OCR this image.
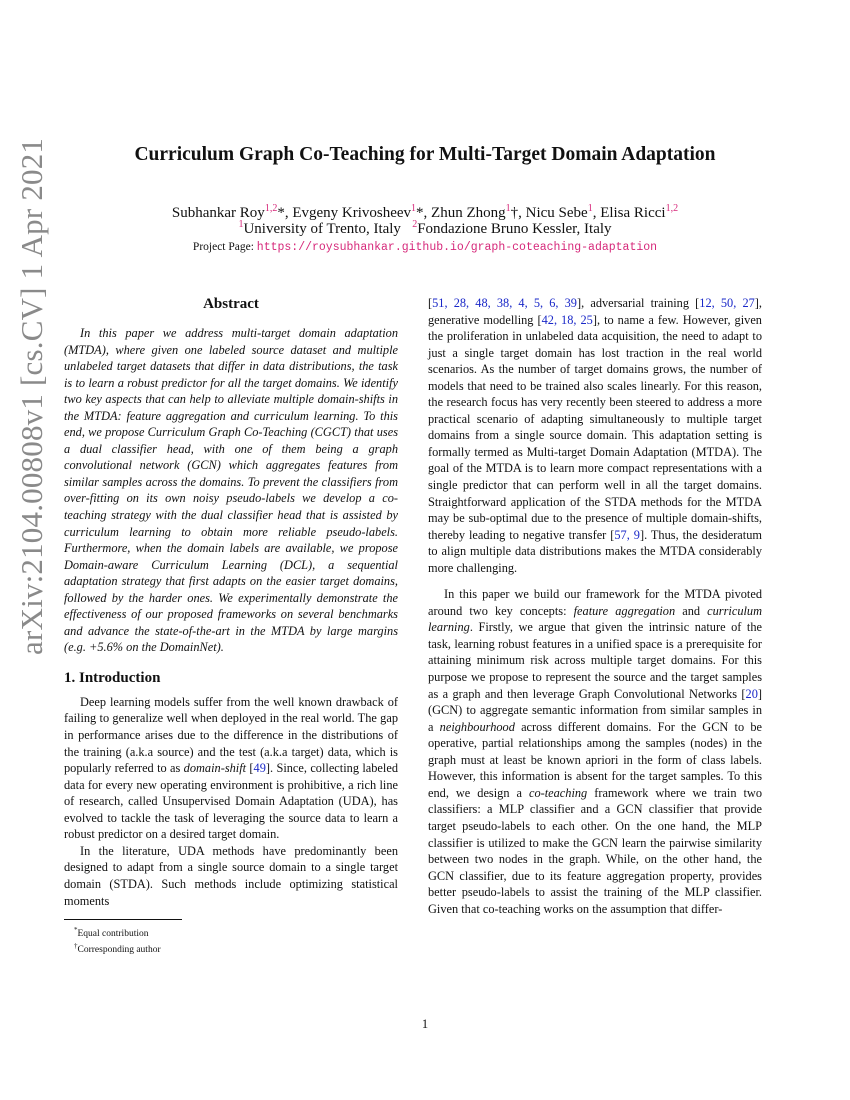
arXiv:2104.00808v1 [cs.CV] 1 Apr 2021	Curriculum Graph Co-Teaching for Multi-Target Domain Adaptation
Subhankar Roy$^{1,2}$*, Evgeny Krivosheev$^1$*, Zhun Zhong$^1$†, Nicu Sebe$^1$, Elisa Ricci$^{1,2}$
$^1$University of Trento, Italy $^2$Fondazione Bruno Kessler, Italy
Project Page: https://roysubhankar.github.io/graph-coteaching-adaptation
Abstract

In this paper we address multi-target domain adaptation (MTDA), where given one labeled source dataset and multiple unlabeled target datasets that differ in data distributions, the task is to learn a robust predictor for all the target domains. We identify two key aspects that can help to alleviate multiple domain-shifts in the MTDA: feature aggregation and curriculum learning. To this end, we propose Curriculum Graph Co-Teaching (CGCT) that uses a dual classifier head, with one of them being a graph convolutional network (GCN) which aggregates features from similar samples across the domains. To prevent the classifiers from over-fitting on its own noisy pseudo-labels we develop a co-teaching strategy with the dual classifier head that is assisted by curriculum learning to obtain more reliable pseudo-labels. Furthermore, when the domain labels are available, we propose Domain-aware Curriculum Learning (DCL), a sequential adaptation strategy that first adapts on the easier target domains, followed by the harder ones. We experimentally demonstrate the effectiveness of our proposed frameworks on several benchmarks and advance the state-of-the-art in the MTDA by large margins (e.g. +5.6% on the DomainNet).

1. Introduction

Deep learning models suffer from the well known drawback of failing to generalize well when deployed in the real world. The gap in performance arises due to the difference in the distributions of the training (a.k.a source) and the test (a.k.a target) data, which is popularly referred to as domain-shift [49]. Since, collecting labeled data for every new operating environment is prohibitive, a rich line of research, called Unsupervised Domain Adaptation (UDA), has evolved to tackle the task of leveraging the source data to learn a robust predictor on a desired target domain.

In the literature, UDA methods have predominantly been designed to adapt from a single source domain to a single target domain (STDA). Such methods include optimizing statistical moments

*Equal contribution
†Corresponding author

[51, 28, 48, 38, 4, 5, 6, 39], adversarial training [12, 50, 27], generative modelling [42, 18, 25], to name a few. However, given the proliferation in unlabeled data acquisition, the need to adapt to just a single target domain has lost traction in the real world scenarios. As the number of target domains grows, the number of models that need to be trained also scales linearly. For this reason, the research focus has very recently been steered to address a more practical scenario of adapting simultaneously to multiple target domains from a single source domain. This adaptation setting is formally termed as Multi-target Domain Adaptation (MTDA). The goal of the MTDA is to learn more compact representations with a single predictor that can perform well in all the target domains. Straightforward application of the STDA methods for the MTDA may be sub-optimal due to the presence of multiple domain-shifts, thereby leading to negative transfer [57, 9]. Thus, the desideratum to align multiple data distributions makes the MTDA considerably more challenging.

In this paper we build our framework for the MTDA pivoted around two key concepts: feature aggregation and curriculum learning. Firstly, we argue that given the intrinsic nature of the task, learning robust features in a unified space is a prerequisite for attaining minimum risk across multiple target domains. For this purpose we propose to represent the source and the target samples as a graph and then leverage Graph Convolutional Networks [20] (GCN) to aggregate semantic information from similar samples in a neighbourhood across different domains. For the GCN to be operative, partial relationships among the samples (nodes) in the graph must at least be known apriori in the form of class labels. However, this information is absent for the target samples. To this end, we design a co-teaching framework where we train two classifiers: a MLP classifier and a GCN classifier that provide target pseudo-labels to each other. On the one hand, the MLP classifier is utilized to make the GCN learn the pairwise similarity between two nodes in the graph. While, on the other hand, the GCN classifier, due to its feature aggregation property, provides better pseudo-labels to assist the training of the MLP classifier. Given that co-teaching works on the assumption that differ-

1
